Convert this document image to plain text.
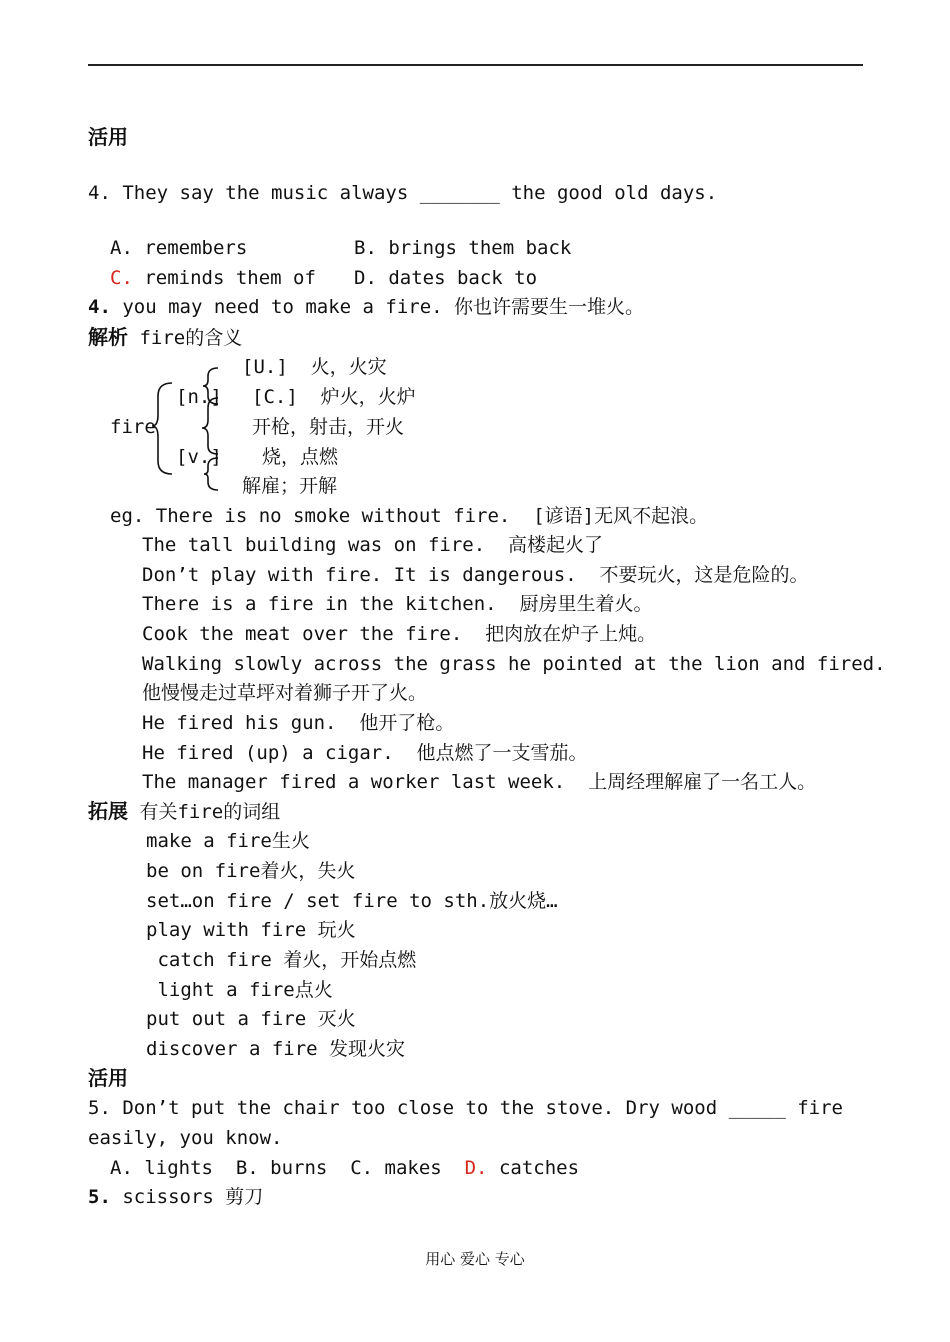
活用
4. They say the music always _______ the good old days.
A. remembers	B. brings them back
C. reminds them of D. dates back to
4. you may need to make a fire. 你也许需要生一堆火。
解析 fire的含义
[U.]  火，火灾
[n.] [C.]  炉火，火炉
fire	开枪，射击，开火
[v.] 烧，点燃
解雇；开解
eg. There is no smoke without fire.  [谚语]无风不起浪。
The tall building was on fire.  高楼起火了
Don’t play with fire. It is dangerous.  不要玩火，这是危险的。
There is a fire in the kitchen.  厨房里生着火。
Cook the meat over the fire.  把肉放在炉子上炖。
Walking slowly across the grass he pointed at the lion and fired.
他慢慢走过草坪对着狮子开了火。
He fired his gun.  他开了枪。
He fired (up) a cigar.  他点燃了一支雪茄。
The manager fired a worker last week.  上周经理解雇了一名工人。
拓展 有关fire的词组
make a fire生火
be on fire着火，失火
set…on fire / set fire to sth.放火烧…
play with fire 玩火
catch fire 着火，开始点燃
light a fire点火
put out a fire 灭火
discover a fire 发现火灾
活用
5. Don’t put the chair too close to the stove. Dry wood _____ fire
easily, you know.
A. lights  B. burns  C. makes  D. catches
5. scissors 剪刀
用心 爱心 专心
